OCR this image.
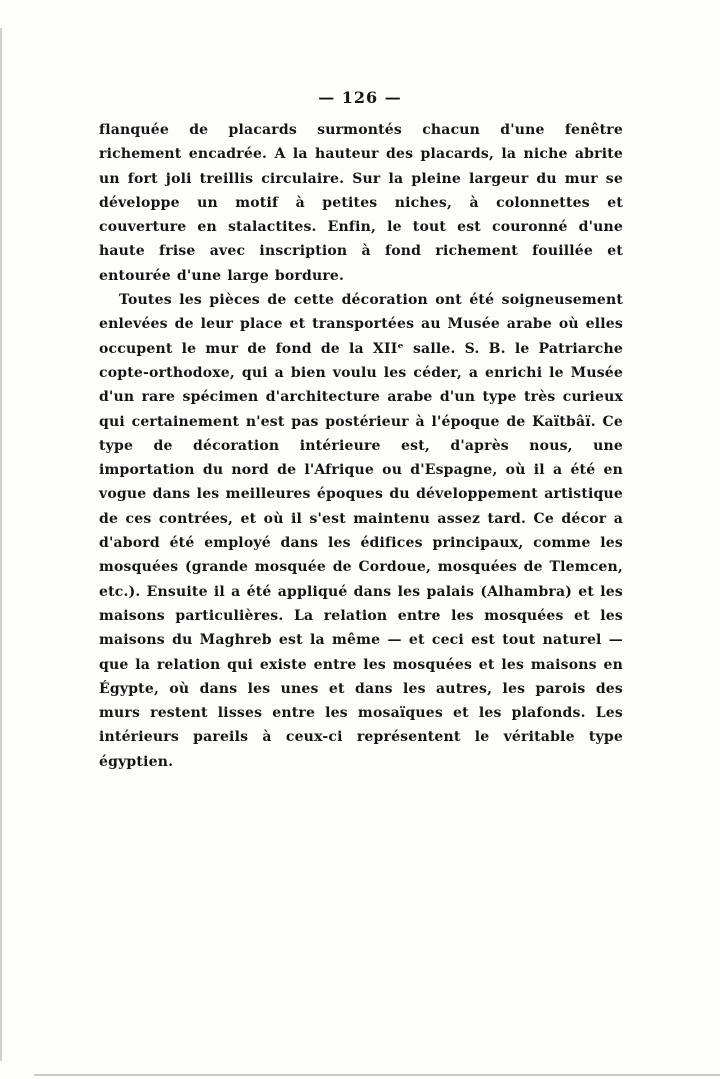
— 126 —

flanquée de placards surmontés chacun d'une fenêtre richement encadrée. A la hauteur des placards, la niche abrite un fort joli treillis circulaire. Sur la pleine largeur du mur se développe un motif à petites niches, à colonnettes et couverture en stalactites. Enfin, le tout est couronné d'une haute frise avec inscription à fond richement fouillée et entourée d'une large bordure.

Toutes les pièces de cette décoration ont été soigneusement enlevées de leur place et transportées au Musée arabe où elles occupent le mur de fond de la XIIᵉ salle. S. B. le Patriarche copte-orthodoxe, qui a bien voulu les céder, a enrichi le Musée d'un rare spécimen d'architecture arabe d'un type très curieux qui certainement n'est pas postérieur à l'époque de Kaïtbâï. Ce type de décoration intérieure est, d'après nous, une importation du nord de l'Afrique ou d'Espagne, où il a été en vogue dans les meilleures époques du développement artistique de ces contrées, et où il s'est maintenu assez tard. Ce décor a d'abord été employé dans les édifices principaux, comme les mosquées (grande mosquée de Cordoue, mosquées de Tlemcen, etc.). Ensuite il a été appliqué dans les palais (Alhambra) et les maisons particulières. La relation entre les mosquées et les maisons du Maghreb est la même — et ceci est tout naturel — que la relation qui existe entre les mosquées et les maisons en Égypte, où dans les unes et dans les autres, les parois des murs restent lisses entre les mosaïques et les plafonds. Les intérieurs pareils à ceux-ci représentent le véritable type égyptien.
